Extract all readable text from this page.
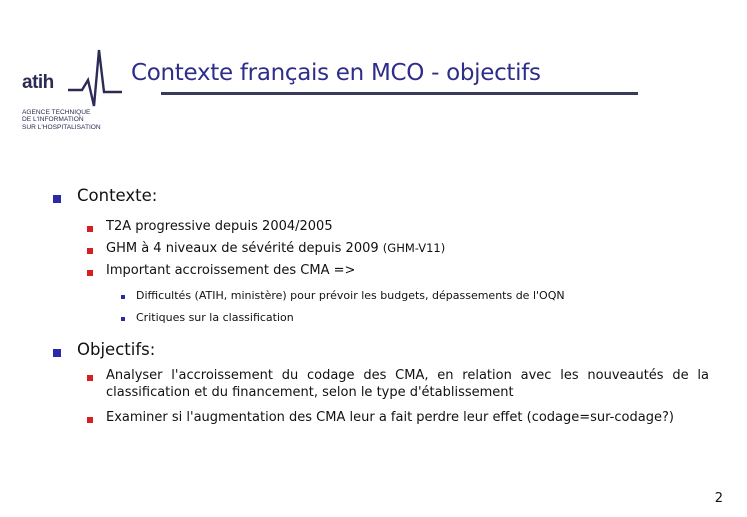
atih
AGENCE TECHNIQUE
DE L'INFORMATION
SUR L'HOSPITALISATION
Contexte français en MCO - objectifs
Contexte:
T2A progressive depuis 2004/2005
GHM à 4 niveaux de sévérité depuis 2009 (GHM-V11)
Important accroissement des CMA =>
Difficultés (ATIH, ministère) pour prévoir les budgets, dépassements de l'OQN
Critiques sur la classification
Objectifs:
Analyser l'accroissement du codage des CMA, en relation avec les nouveautés de la classification et du financement, selon le type d'établissement
Examiner si l'augmentation des CMA leur a fait perdre leur effet (codage=sur-codage?)
2
